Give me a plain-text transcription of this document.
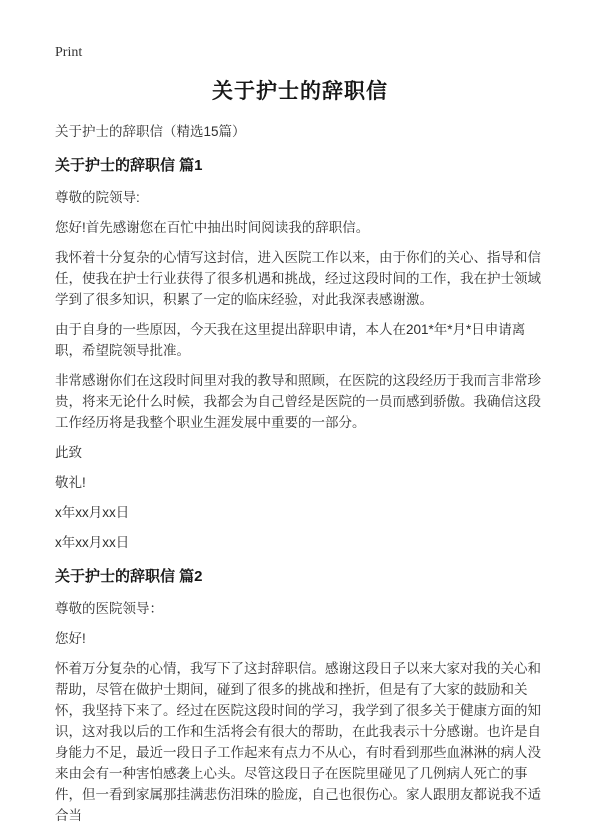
Print
关于护士的辞职信

关于护士的辞职信（精选15篇）

关于护士的辞职信 篇1

尊敬的院领导:

您好!首先感谢您在百忙中抽出时间阅读我的辞职信。

我怀着十分复杂的心情写这封信，进入医院工作以来，由于你们的关心、指导和信任，使我在护士行业获得了很多机遇和挑战，经过这段时间的工作，我在护士领域学到了很多知识，积累了一定的临床经验，对此我深表感谢激。

由于自身的一些原因，今天我在这里提出辞职申请，本人在201*年*月*日申请离职，希望院领导批准。

非常感谢你们在这段时间里对我的教导和照顾，在医院的这段经历于我而言非常珍贵，将来无论什么时候，我都会为自己曾经是医院的一员而感到骄傲。我确信这段工作经历将是我整个职业生涯发展中重要的一部分。

此致

敬礼!

x年xx月xx日

x年xx月xx日

关于护士的辞职信 篇2

尊敬的医院领导：

您好!

怀着万分复杂的心情，我写下了这封辞职信。感谢这段日子以来大家对我的关心和帮助，尽管在做护士期间，碰到了很多的挑战和挫折，但是有了大家的鼓励和关怀，我坚持下来了。经过在医院这段时间的学习，我学到了很多关于健康方面的知识，这对我以后的工作和生活将会有很大的帮助，在此我表示十分感谢。也许是自身能力不足，最近一段日子工作起来有点力不从心，有时看到那些血淋淋的病人没来由会有一种害怕感袭上心头。尽管这段日子在医院里碰见了几例病人死亡的事件，但一看到家属那挂满悲伤泪珠的脸庞，自己也很伤心。家人跟朋友都说我不适合当
